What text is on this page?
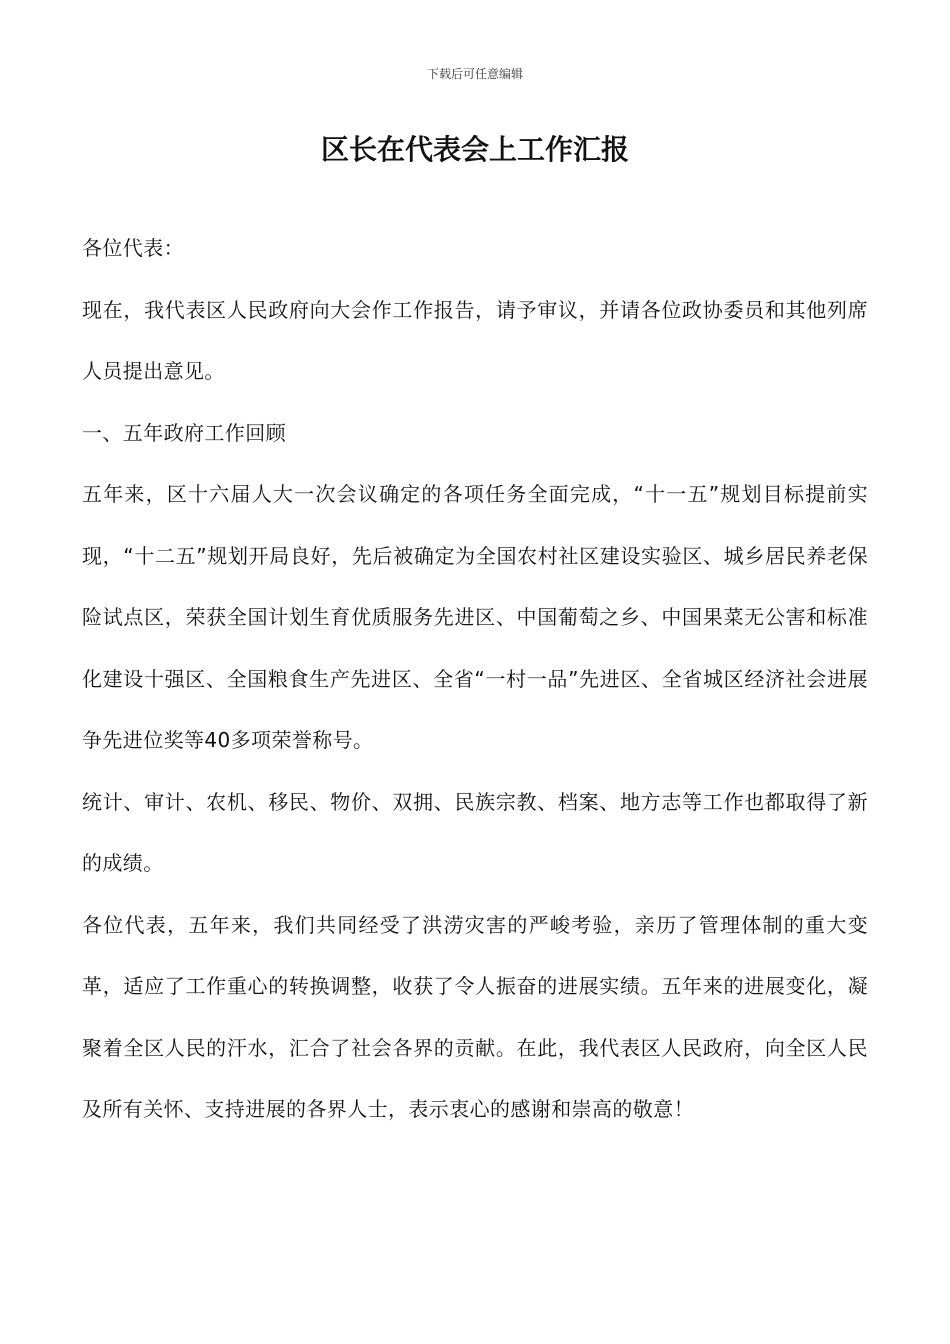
下载后可任意编辑
区长在代表会上工作汇报

各位代表：

现在，我代表区人民政府向大会作工作报告，请予审议，并请各位政协委员和其他列席人员提出意见。

一、五年政府工作回顾

五年来，区十六届人大一次会议确定的各项任务全面完成，“十一五”规划目标提前实现，“十二五”规划开局良好，先后被确定为全国农村社区建设实验区、城乡居民养老保险试点区，荣获全国计划生育优质服务先进区、中国葡萄之乡、中国果菜无公害和标准化建设十强区、全国粮食生产先进区、全省“一村一品”先进区、全省城区经济社会进展争先进位奖等40多项荣誉称号。

统计、审计、农机、移民、物价、双拥、民族宗教、档案、地方志等工作也都取得了新的成绩。

各位代表，五年来，我们共同经受了洪涝灾害的严峻考验，亲历了管理体制的重大变革，适应了工作重心的转换调整，收获了令人振奋的进展实绩。五年来的进展变化，凝聚着全区人民的汗水，汇合了社会各界的贡献。在此，我代表区人民政府，向全区人民及所有关怀、支持进展的各界人士，表示衷心的感谢和崇高的敬意！
